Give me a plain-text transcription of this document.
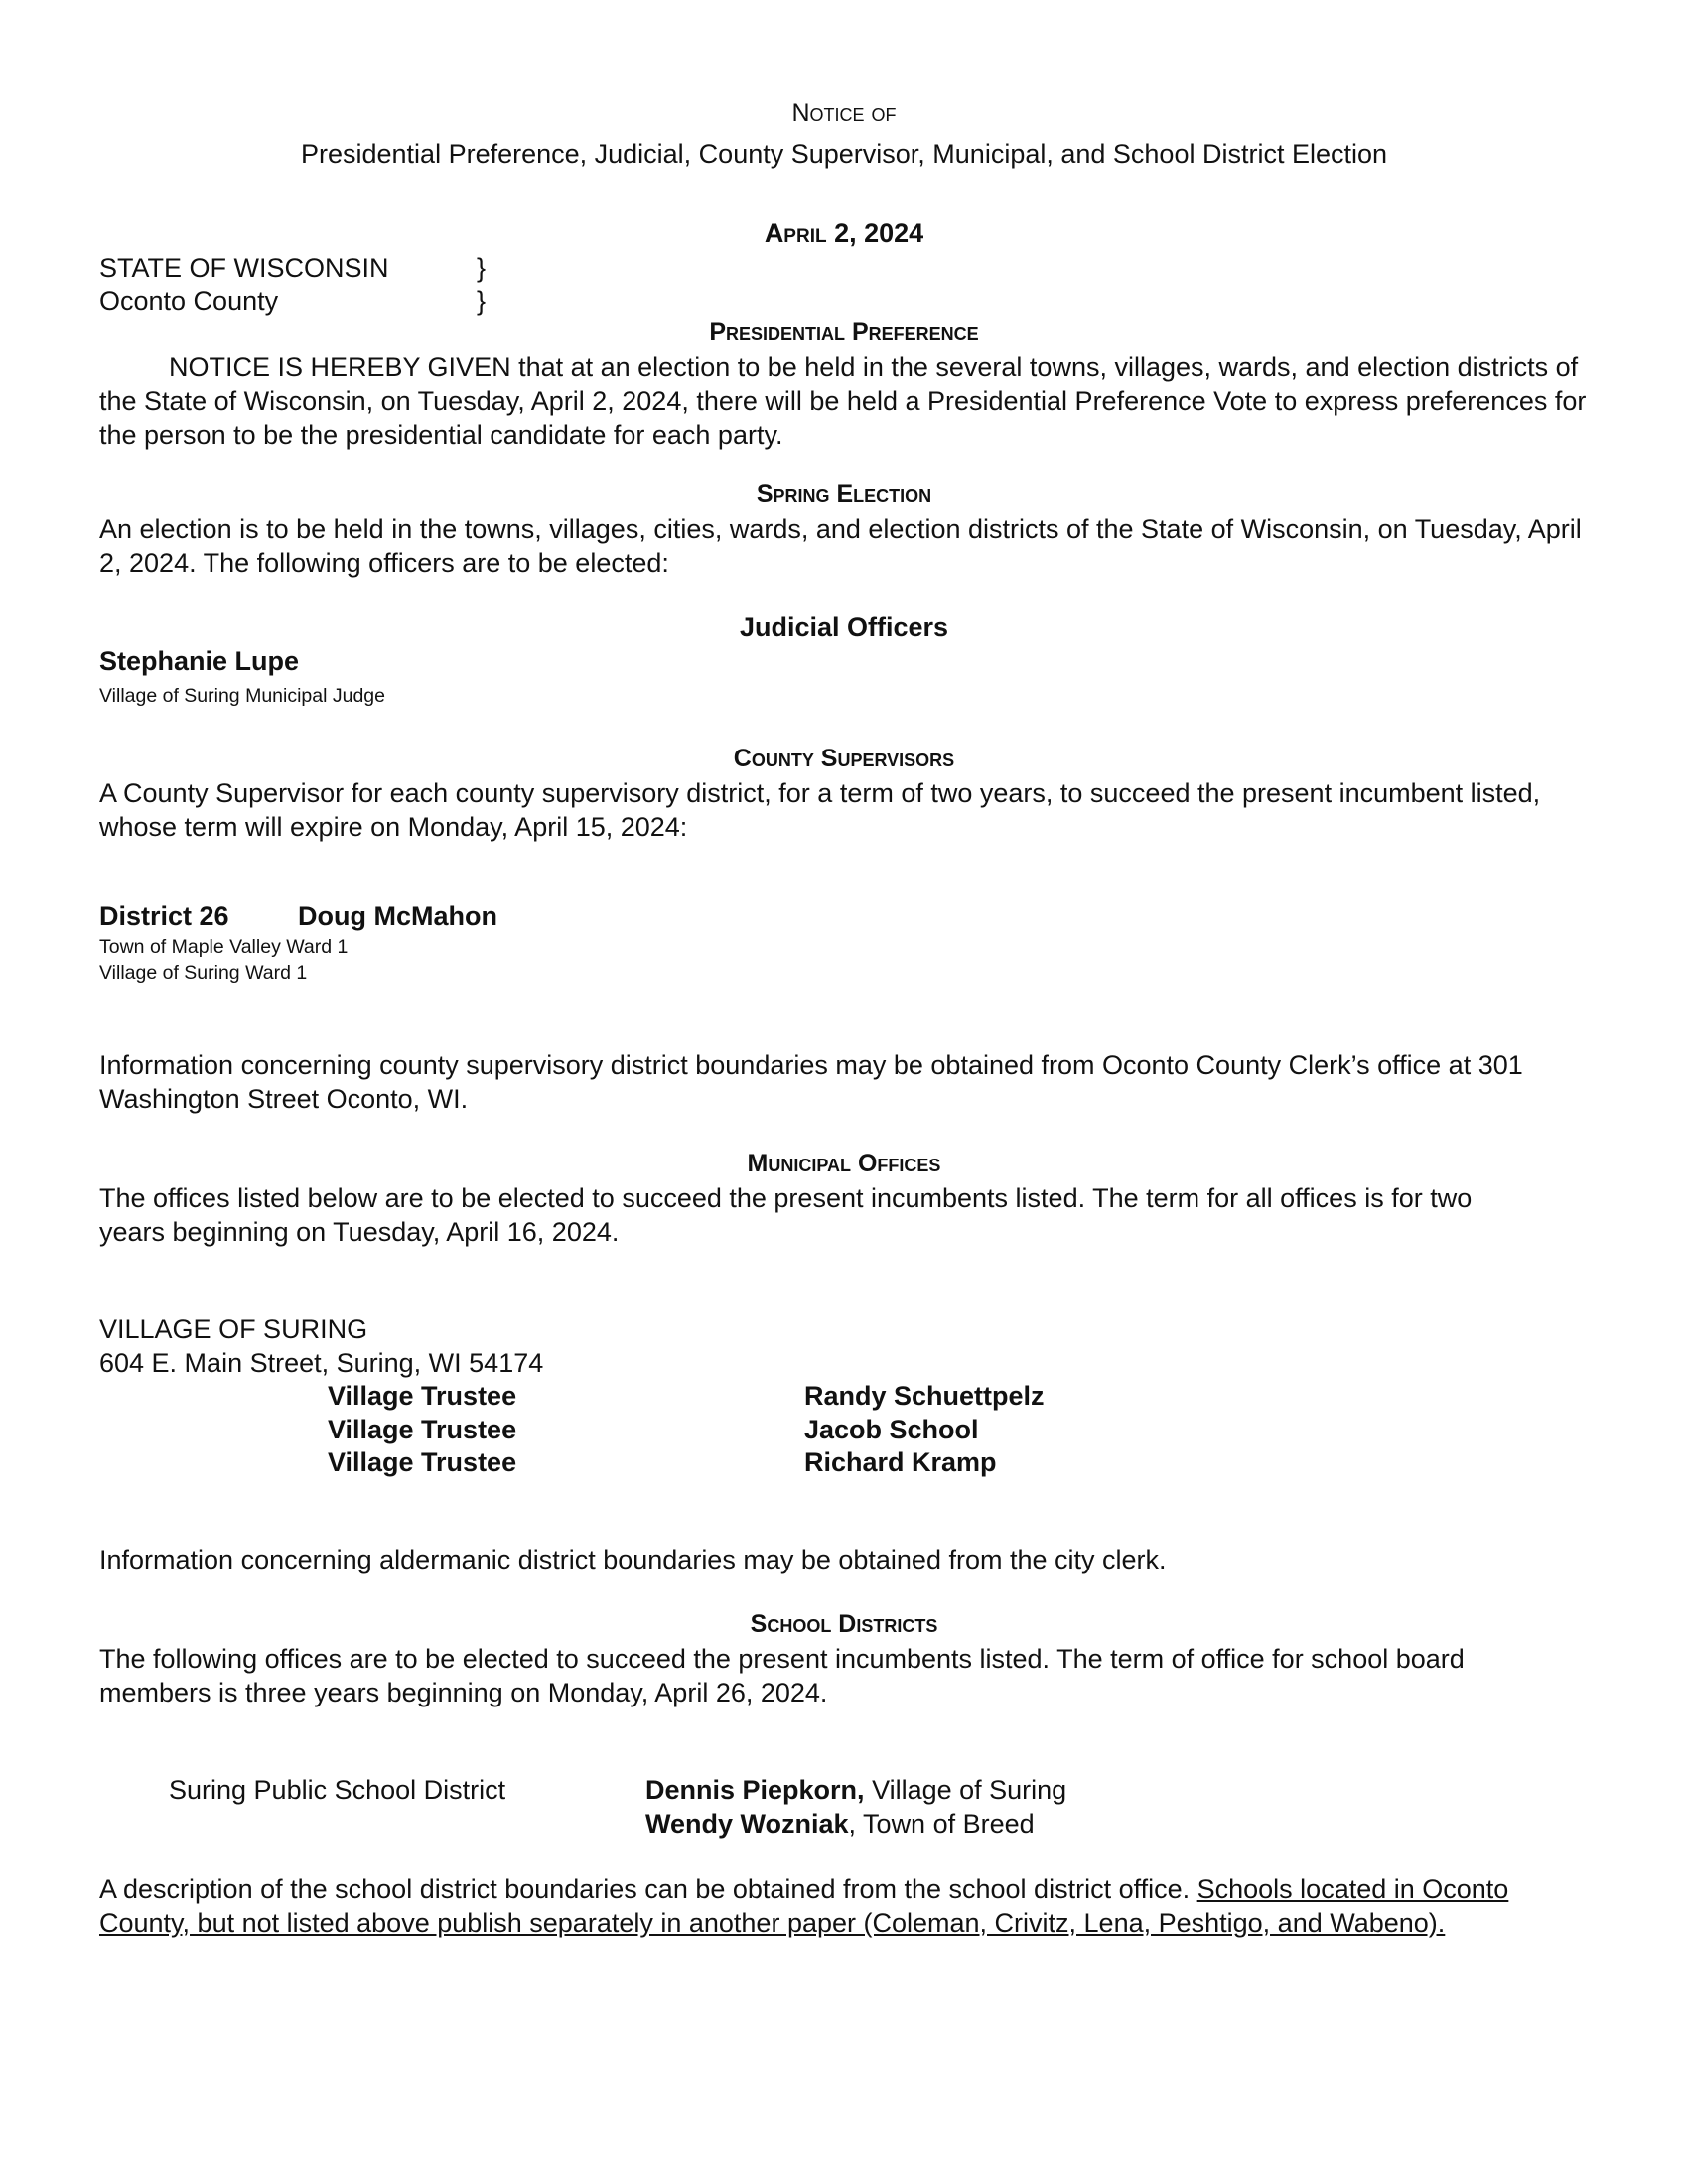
Notice of
Presidential Preference, Judicial, County Supervisor, Municipal, and School District Election
April 2, 2024
STATE OF WISCONSIN	}
Oconto County	}
Presidential Preference
NOTICE IS HEREBY GIVEN that at an election to be held in the several towns, villages, wards, and election districts of the State of Wisconsin, on Tuesday, April 2, 2024, there will be held a Presidential Preference Vote to express preferences for the person to be the presidential candidate for each party.
Spring Election
An election is to be held in the towns, villages, cities, wards, and election districts of the State of Wisconsin, on Tuesday, April 2, 2024. The following officers are to be elected:
Judicial Officers
Stephanie Lupe
Village of Suring Municipal Judge
County Supervisors
A County Supervisor for each county supervisory district, for a term of two years, to succeed the present incumbent listed, whose term will expire on Monday, April 15, 2024:
District 26	Doug McMahon
Town of Maple Valley Ward 1
Village of Suring Ward 1
Information concerning county supervisory district boundaries may be obtained from Oconto County Clerk’s office at 301 Washington Street Oconto, WI.
Municipal Offices
The offices listed below are to be elected to succeed the present incumbents listed. The term for all offices is for two
years beginning on Tuesday, April 16, 2024.
VILLAGE OF SURING
604 E. Main Street, Suring, WI 54174
Village Trustee	Randy Schuettpelz
Village Trustee	Jacob School
Village Trustee	Richard Kramp
Information concerning aldermanic district boundaries may be obtained from the city clerk.
School Districts
The following offices are to be elected to succeed the present incumbents listed. The term of office for school board
members is three years beginning on Monday, April 26, 2024.
Suring Public School District	Dennis Piepkorn, Village of Suring
Wendy Wozniak, Town of Breed
A description of the school district boundaries can be obtained from the school district office. Schools located in Oconto County, but not listed above publish separately in another paper (Coleman, Crivitz, Lena, Peshtigo, and Wabeno).
